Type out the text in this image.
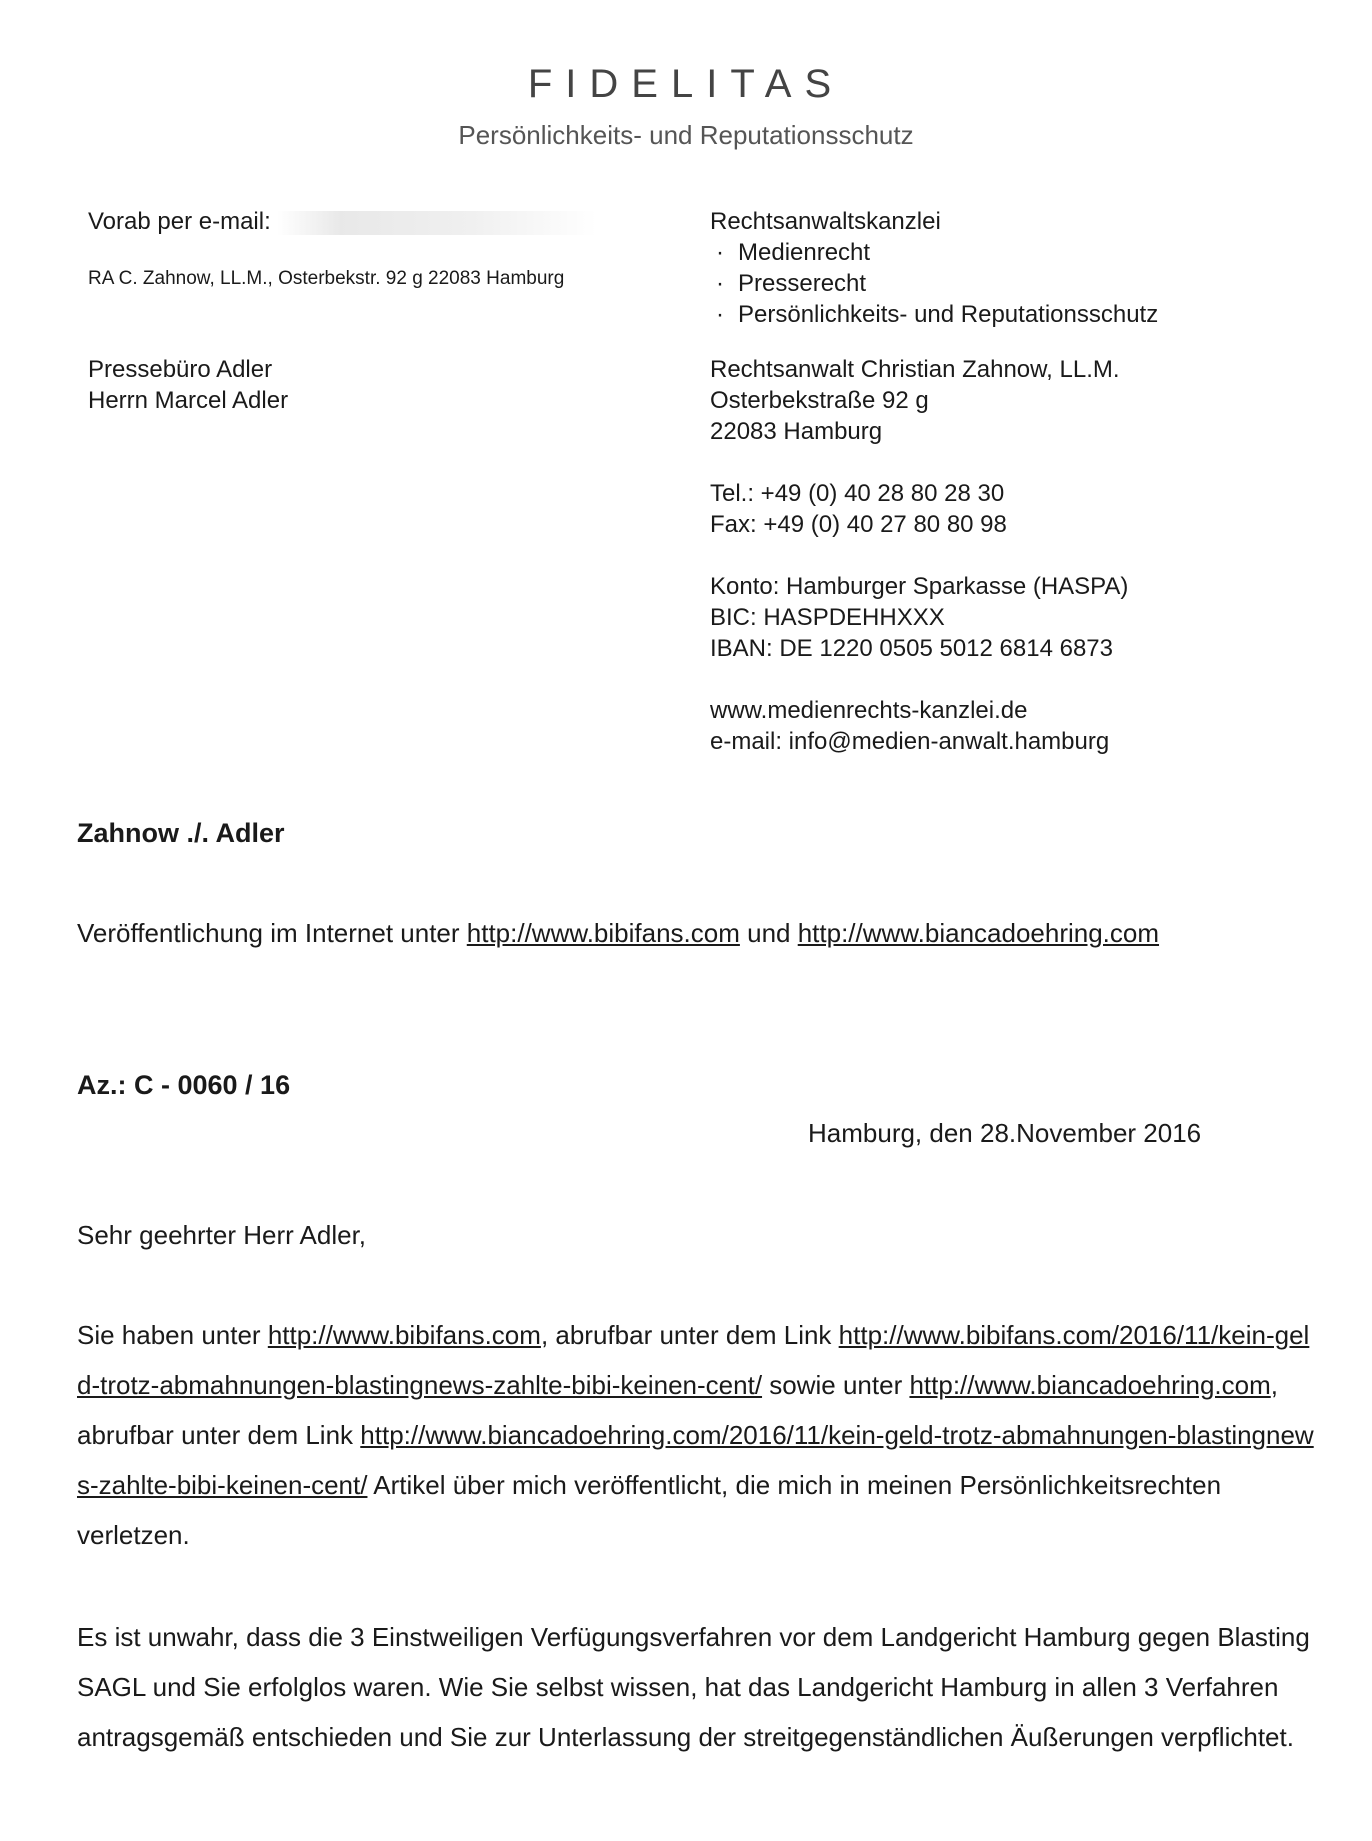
FIDELITAS
Persönlichkeits- und Reputationsschutz
Vorab per e-mail:
RA C. Zahnow, LL.M., Osterbekstr. 92 g 22083 Hamburg
Pressebüro Adler
Herrn Marcel Adler
Rechtsanwaltskanzlei
· Medienrecht
· Presserecht
· Persönlichkeits- und Reputationsschutz
Rechtsanwalt Christian Zahnow, LL.M.
Osterbekstraße 92 g
22083 Hamburg
Tel.: +49 (0) 40 28 80 28 30
Fax: +49 (0) 40 27 80 80 98
Konto: Hamburger Sparkasse (HASPA)
BIC: HASPDEHHXXX
IBAN: DE 1220 0505 5012 6814 6873
www.medienrechts-kanzlei.de
e-mail: info@medien-anwalt.hamburg
Zahnow ./. Adler
Veröffentlichung im Internet unter http://www.bibifans.com und http://www.biancadoehring.com
Az.: C - 0060 / 16
Hamburg, den 28.November 2016
Sehr geehrter Herr Adler,
Sie haben unter http://www.bibifans.com, abrufbar unter dem Link http://www.bibifans.com/2016/11/kein-geld-trotz-abmahnungen-blastingnews-zahlte-bibi-keinen-cent/ sowie unter http://www.biancadoehring.com, abrufbar unter dem Link http://www.biancadoehring.com/2016/11/kein-geld-trotz-abmahnungen-blastingnews-zahlte-bibi-keinen-cent/ Artikel über mich veröffentlicht, die mich in meinen Persönlichkeitsrechten verletzen.
Es ist unwahr, dass die 3 Einstweiligen Verfügungsverfahren vor dem Landgericht Hamburg gegen Blasting SAGL und Sie erfolglos waren. Wie Sie selbst wissen, hat das Landgericht Hamburg in allen 3 Verfahren antragsgemäß entschieden und Sie zur Unterlassung der streitgegenständlichen Äußerungen verpflichtet.
